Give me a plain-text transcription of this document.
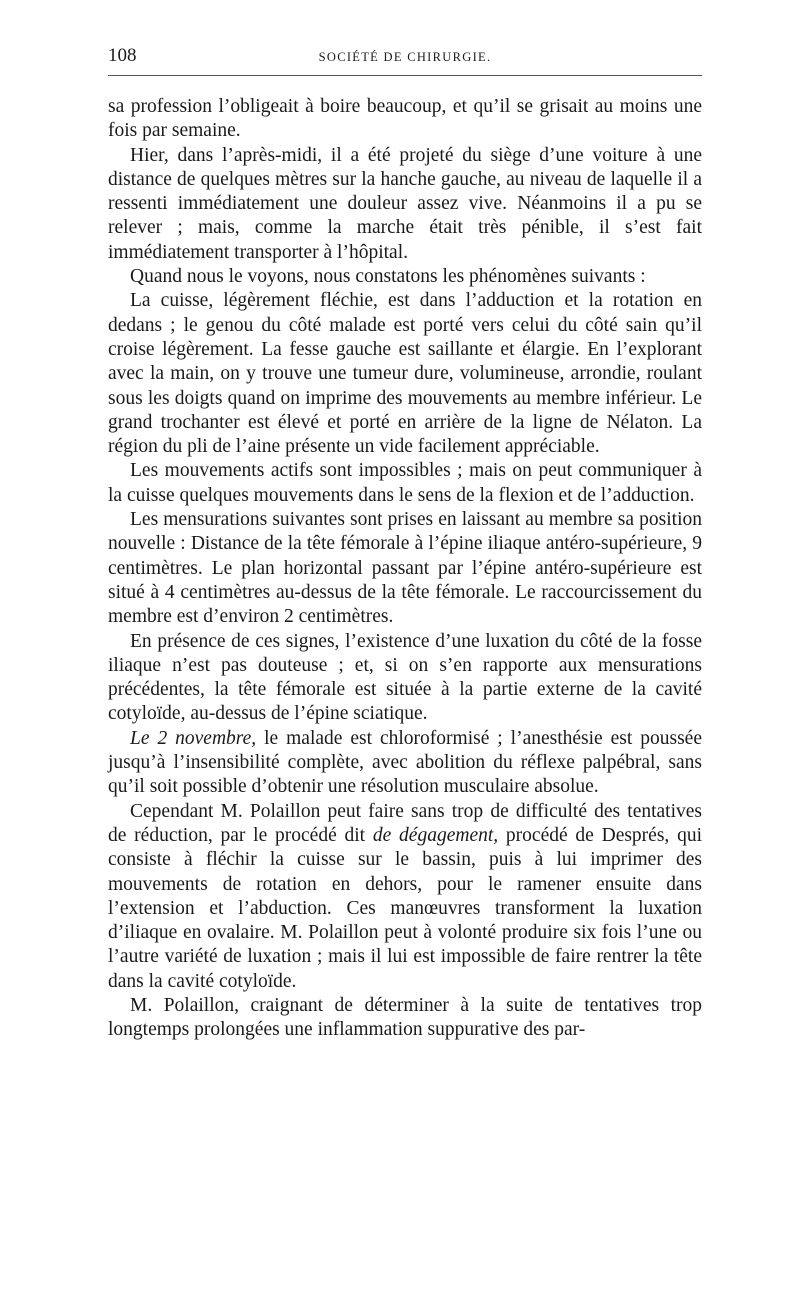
108	SOCIÉTÉ DE CHIRURGIE.

sa profession l’obligeait à boire beaucoup, et qu’il se grisait au moins une fois par semaine.

Hier, dans l’après-midi, il a été projeté du siège d’une voiture à une distance de quelques mètres sur la hanche gauche, au niveau de laquelle il a ressenti immédiatement une douleur assez vive. Néanmoins il a pu se relever ; mais, comme la marche était très pénible, il s’est fait immédiatement transporter à l’hôpital.

Quand nous le voyons, nous constatons les phénomènes suivants :

La cuisse, légèrement fléchie, est dans l’adduction et la rotation en dedans ; le genou du côté malade est porté vers celui du côté sain qu’il croise légèrement. La fesse gauche est saillante et élargie. En l’explorant avec la main, on y trouve une tumeur dure, volumineuse, arrondie, roulant sous les doigts quand on imprime des mouvements au membre inférieur. Le grand trochanter est élevé et porté en arrière de la ligne de Nélaton. La région du pli de l’aine présente un vide facilement appréciable.

Les mouvements actifs sont impossibles ; mais on peut communiquer à la cuisse quelques mouvements dans le sens de la flexion et de l’adduction.

Les mensurations suivantes sont prises en laissant au membre sa position nouvelle : Distance de la tête fémorale à l’épine iliaque antéro-supérieure, 9 centimètres. Le plan horizontal passant par l’épine antéro-supérieure est situé à 4 centimètres au-dessus de la tête fémorale. Le raccourcissement du membre est d’environ 2 centimètres.

En présence de ces signes, l’existence d’une luxation du côté de la fosse iliaque n’est pas douteuse ; et, si on s’en rapporte aux mensurations précédentes, la tête fémorale est située à la partie externe de la cavité cotyloïde, au-dessus de l’épine sciatique.

Le 2 novembre, le malade est chloroformisé ; l’anesthésie est poussée jusqu’à l’insensibilité complète, avec abolition du réflexe palpébral, sans qu’il soit possible d’obtenir une résolution musculaire absolue.

Cependant M. Polaillon peut faire sans trop de difficulté des tentatives de réduction, par le procédé dit de dégagement, procédé de Després, qui consiste à fléchir la cuisse sur le bassin, puis à lui imprimer des mouvements de rotation en dehors, pour le ramener ensuite dans l’extension et l’abduction. Ces manœuvres transforment la luxation d’iliaque en ovalaire. M. Polaillon peut à volonté produire six fois l’une ou l’autre variété de luxation ; mais il lui est impossible de faire rentrer la tête dans la cavité cotyloïde.

M. Polaillon, craignant de déterminer à la suite de tentatives trop longtemps prolongées une inflammation suppurative des par-
